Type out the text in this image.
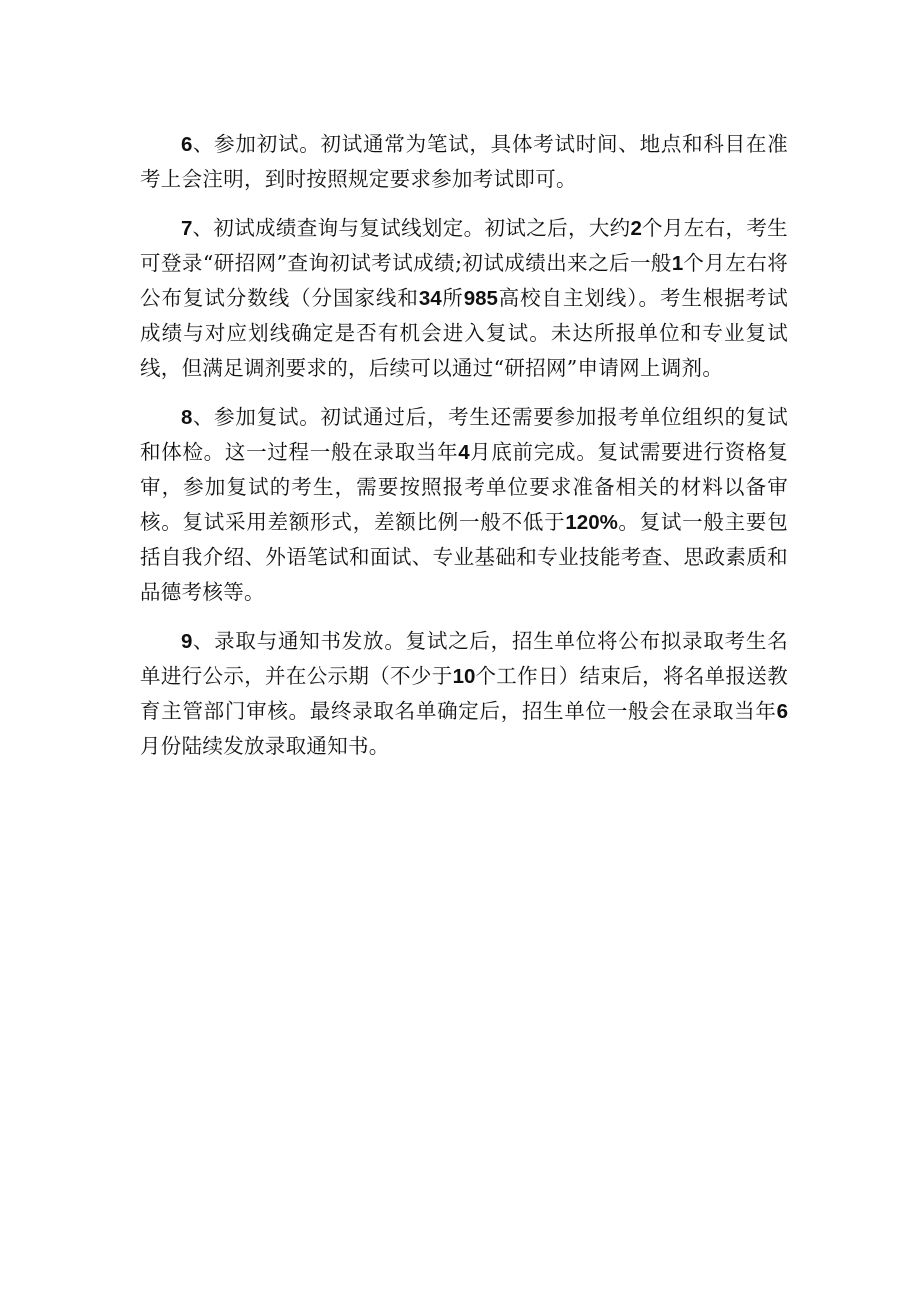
6、参加初试。初试通常为笔试，具体考试时间、地点和科目在准考上会注明，到时按照规定要求参加考试即可。

7、初试成绩查询与复试线划定。初试之后，大约2个月左右，考生可登录“研招网”查询初试考试成绩;初试成绩出来之后一般1个月左右将公布复试分数线（分国家线和34所985高校自主划线）。考生根据考试成绩与对应划线确定是否有机会进入复试。未达所报单位和专业复试线，但满足调剂要求的，后续可以通过“研招网”申请网上调剂。

8、参加复试。初试通过后，考生还需要参加报考单位组织的复试和体检。这一过程一般在录取当年4月底前完成。复试需要进行资格复审，参加复试的考生，需要按照报考单位要求准备相关的材料以备审核。复试采用差额形式，差额比例一般不低于120%。复试一般主要包括自我介绍、外语笔试和面试、专业基础和专业技能考查、思政素质和品德考核等。

9、录取与通知书发放。复试之后，招生单位将公布拟录取考生名单进行公示，并在公示期（不少于10个工作日）结束后，将名单报送教育主管部门审核。最终录取名单确定后，招生单位一般会在录取当年6月份陆续发放录取通知书。
